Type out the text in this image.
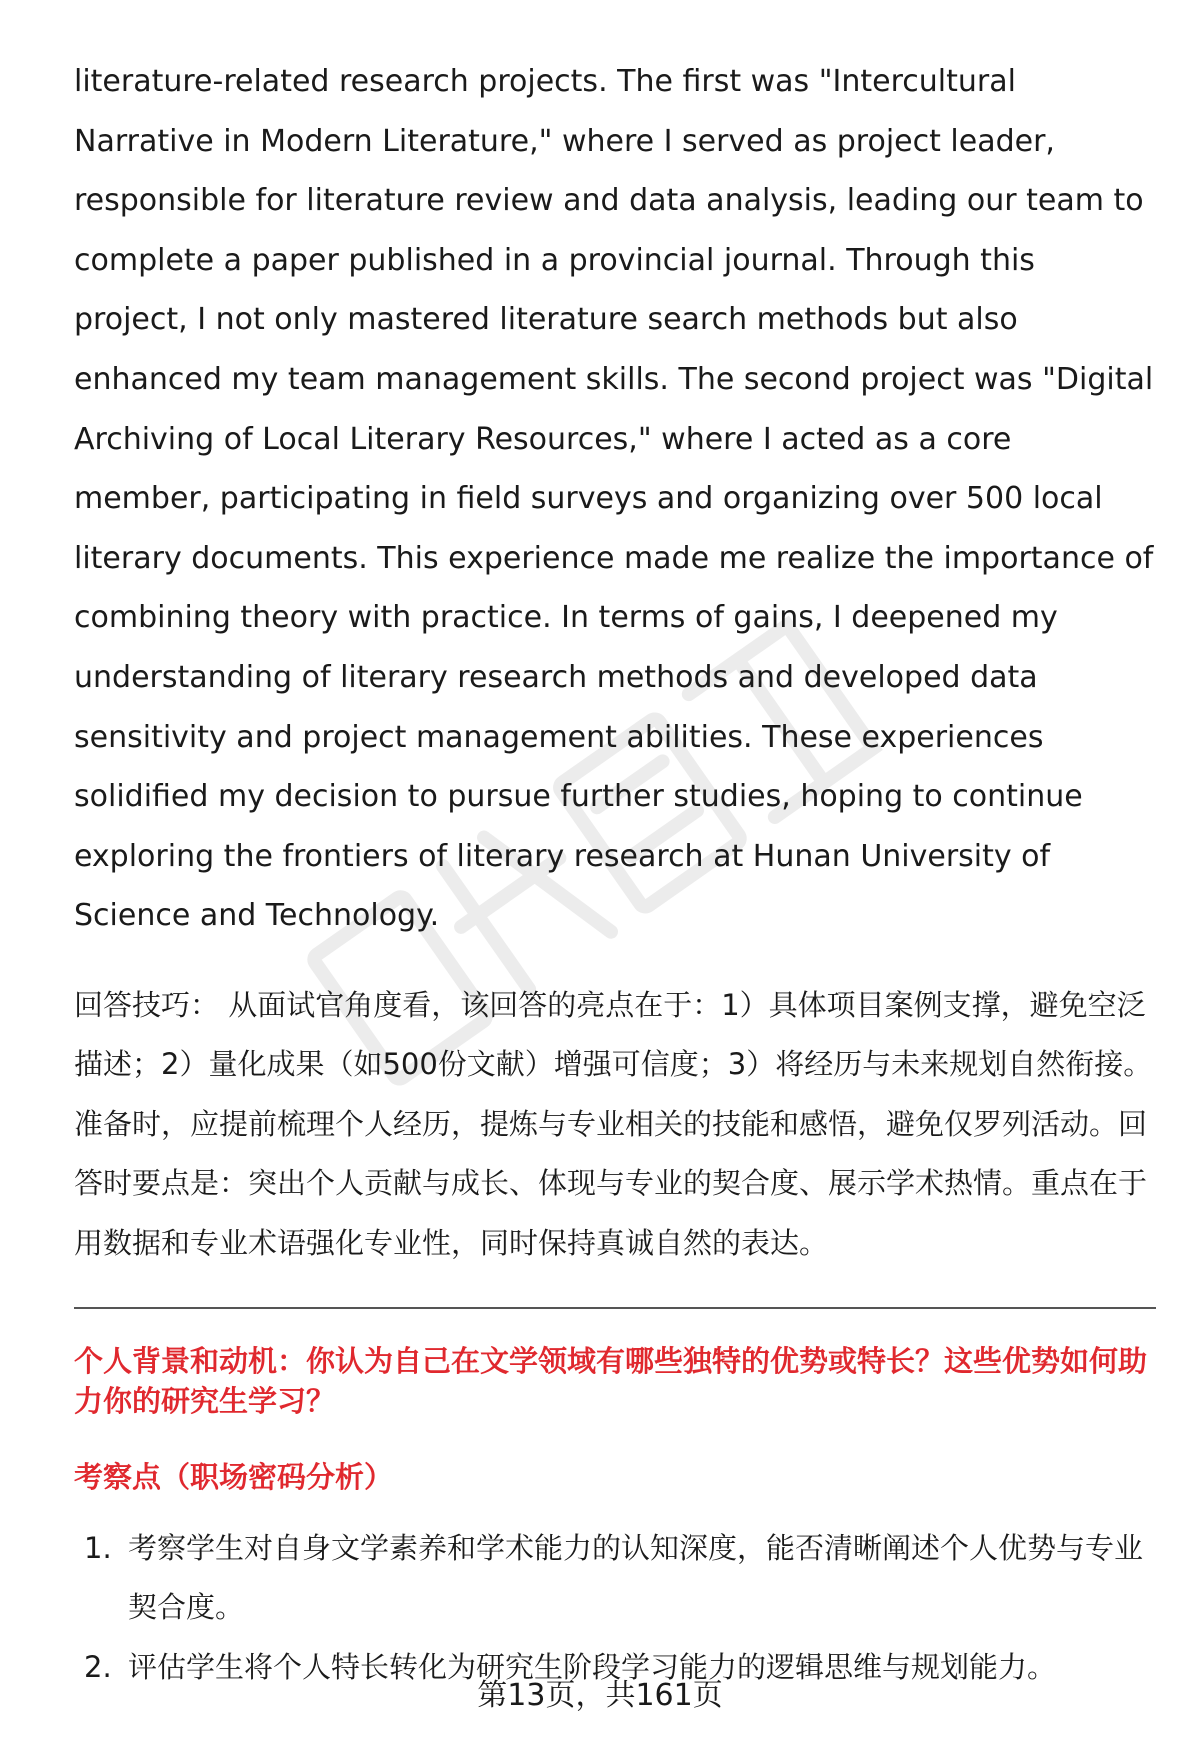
literature-related research projects. The first was "Intercultural Narrative in Modern Literature," where I served as project leader, responsible for literature review and data analysis, leading our team to complete a paper published in a provincial journal. Through this project, I not only mastered literature search methods but also enhanced my team management skills. The second project was "Digital Archiving of Local Literary Resources," where I acted as a core member, participating in field surveys and organizing over 500 local literary documents. This experience made me realize the importance of combining theory with practice. In terms of gains, I deepened my understanding of literary research methods and developed data sensitivity and project management abilities. These experiences solidified my decision to pursue further studies, hoping to continue exploring the frontiers of literary research at Hunan University of Science and Technology.

回答技巧： 从面试官角度看，该回答的亮点在于：1）具体项目案例支撑，避免空泛描述；2）量化成果（如500份文献）增强可信度；3）将经历与未来规划自然衔接。准备时，应提前梳理个人经历，提炼与专业相关的技能和感悟，避免仅罗列活动。回答时要点是：突出个人贡献与成长、体现与专业的契合度、展示学术热情。重点在于用数据和专业术语强化专业性，同时保持真诚自然的表达。

个人背景和动机：你认为自己在文学领域有哪些独特的优势或特长？这些优势如何助力你的研究生学习？
考察点（职场密码分析）
1. 考察学生对自身文学素养和学术能力的认知深度，能否清晰阐述个人优势与专业契合度。
2. 评估学生将个人特长转化为研究生阶段学习能力的逻辑思维与规划能力。
第13页，共161页
